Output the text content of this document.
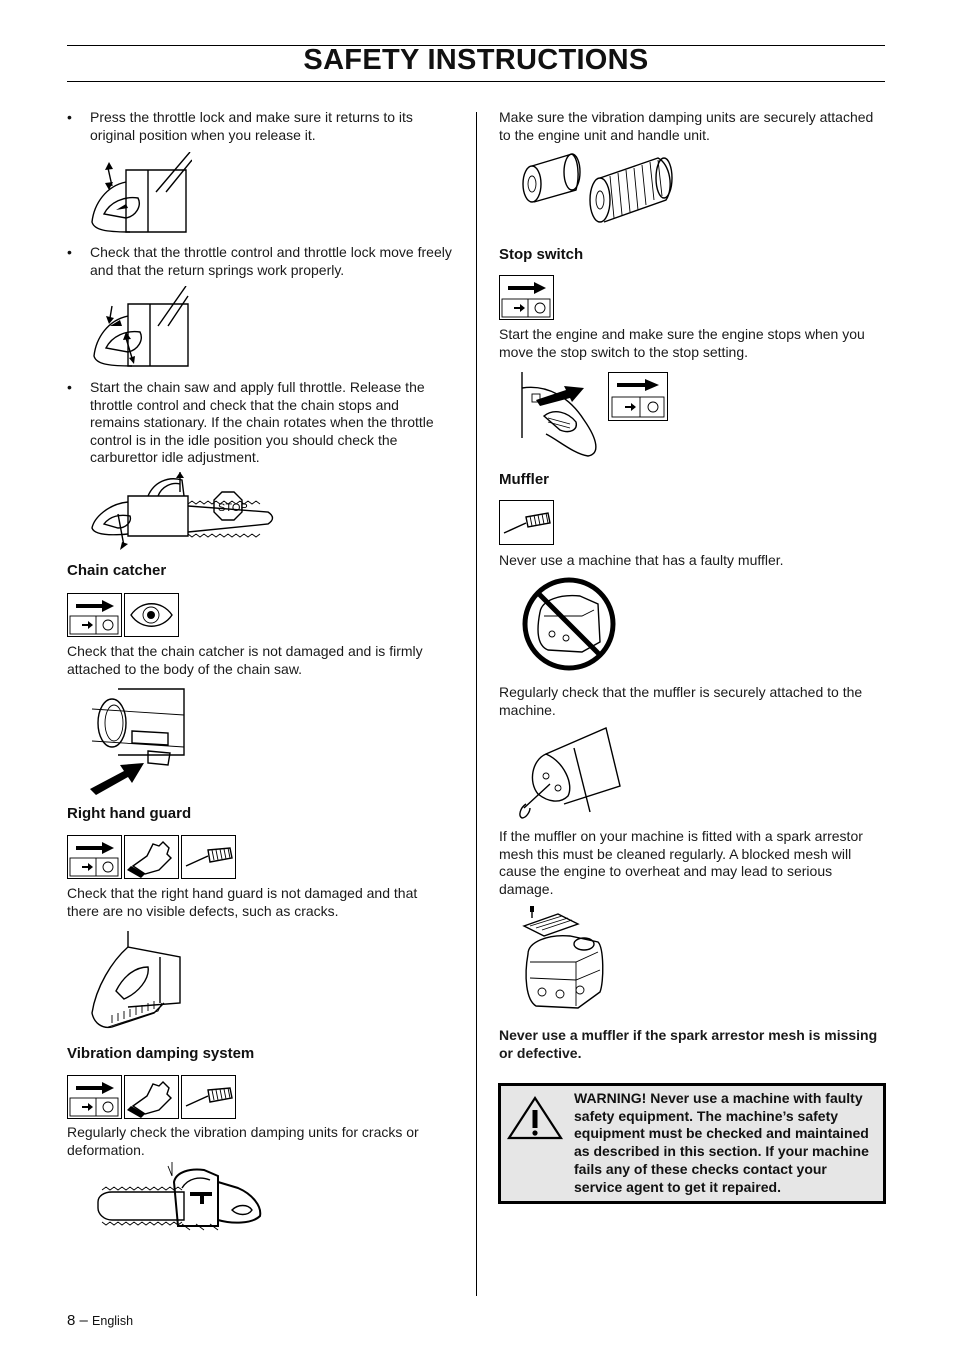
SAFETY INSTRUCTIONS
• Press the throttle lock and make sure it returns to its
original position when you release it.
• Check that the throttle control and throttle lock move freely
and that the return springs work properly.
• Start the chain saw and apply full throttle. Release the
throttle control and check that the chain stops and
remains stationary. If the chain rotates when the throttle
control is in the idle position you should check the
carburettor idle adjustment.
STOP
Chain catcher
Check that the chain catcher is not damaged and is firmly
attached to the body of the chain saw.
Right hand guard
Check that the right hand guard is not damaged and that
there are no visible defects, such as cracks.
Vibration damping system
Regularly check the vibration damping units for cracks or
deformation.
Make sure the vibration damping units are securely attached
to the engine unit and handle unit.
Stop switch
Start the engine and make sure the engine stops when you
move the stop switch to the stop setting.
Muffler
Never use a machine that has a faulty muffler.
Regularly check that the muffler is securely attached to the
machine.
If the muffler on your machine is fitted with a spark arrestor
mesh this must be cleaned regularly. A blocked mesh will
cause the engine to overheat and may lead to serious
damage.
Never use a muffler if the spark arrestor mesh is missing
or defective.
WARNING! Never use a machine with faulty
safety equipment. The machine’s safety
equipment must be checked and maintained
as described in this section. If your machine
fails any of these checks contact your
service agent to get it repaired.
8 – English
